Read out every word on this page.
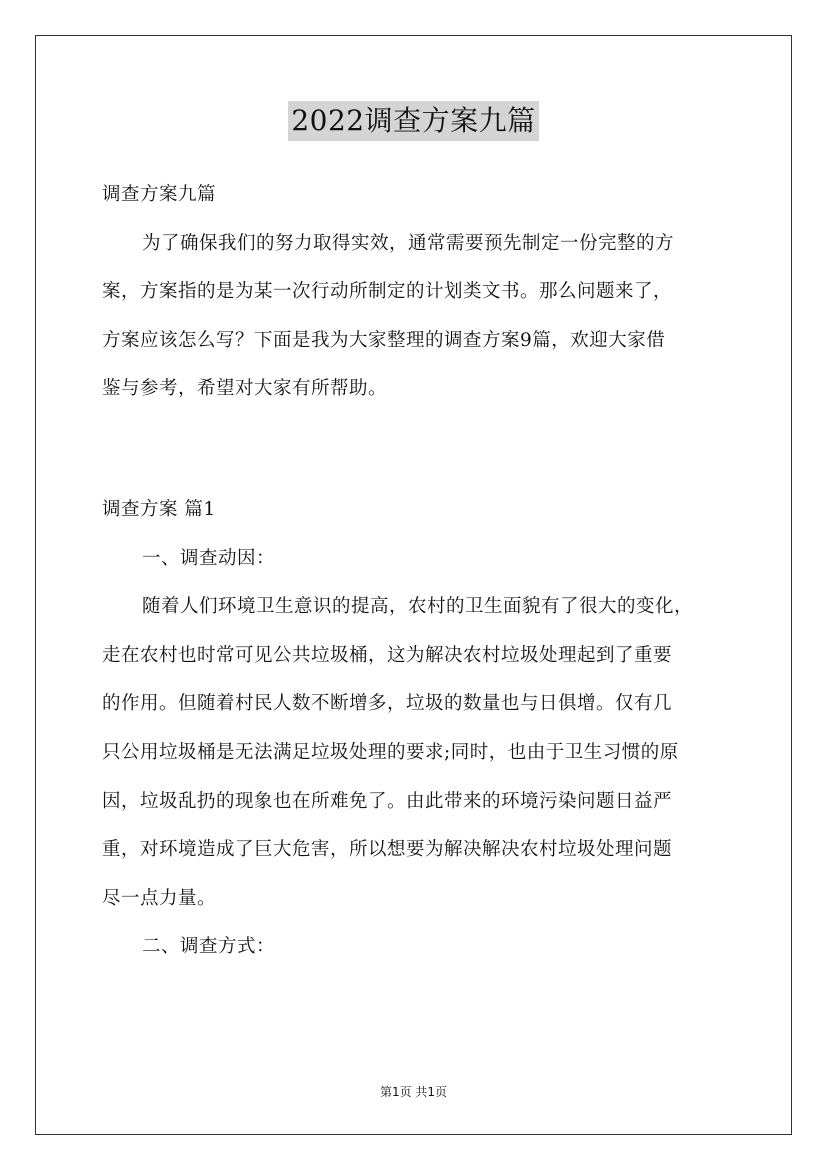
2022调查方案九篇
调查方案九篇
为了确保我们的努力取得实效，通常需要预先制定一份完整的方
案，方案指的是为某一次行动所制定的计划类文书。那么问题来了，
方案应该怎么写？下面是我为大家整理的调查方案9篇，欢迎大家借
鉴与参考，希望对大家有所帮助。
调查方案 篇1
一、调查动因：
随着人们环境卫生意识的提高，农村的卫生面貌有了很大的变化，
走在农村也时常可见公共垃圾桶，这为解决农村垃圾处理起到了重要
的作用。但随着村民人数不断增多，垃圾的数量也与日俱增。仅有几
只公用垃圾桶是无法满足垃圾处理的要求;同时，也由于卫生习惯的原
因，垃圾乱扔的现象也在所难免了。由此带来的环境污染问题日益严
重，对环境造成了巨大危害，所以想要为解决解决农村垃圾处理问题
尽一点力量。
二、调查方式：
第1页 共1页
